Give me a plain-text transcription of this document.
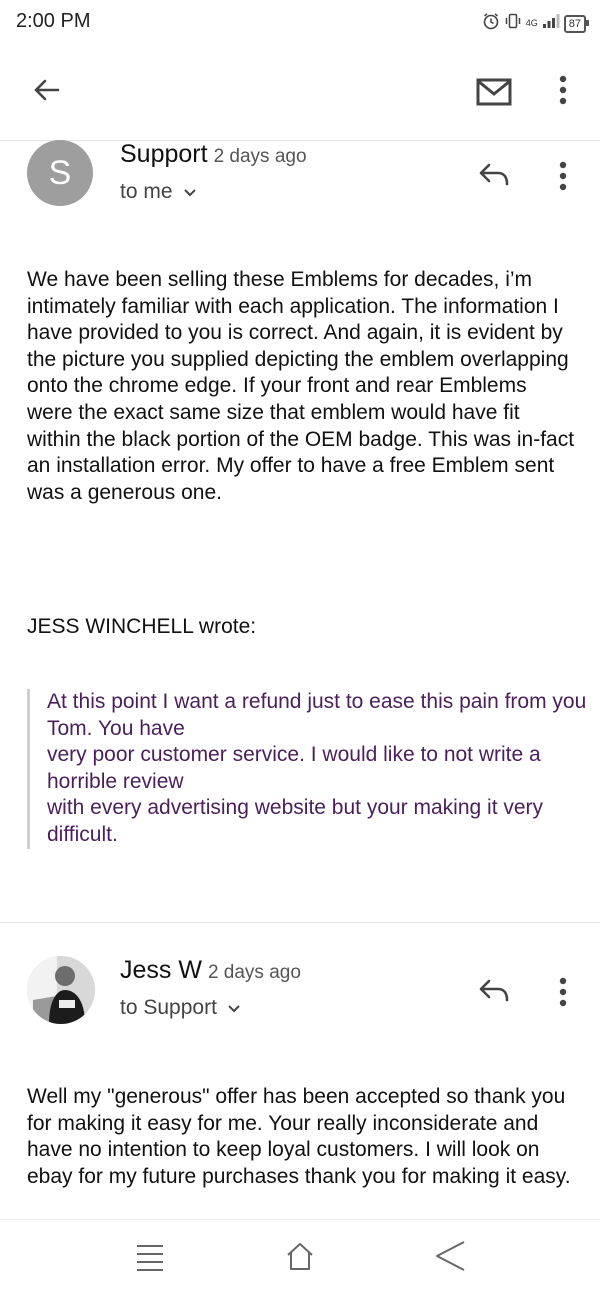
2:00 PM	4G	87
S Support 2 days ago
to me
We have been selling these Emblems for decades, i’m intimately familiar with each application. The information I have provided to you is correct. And again, it is evident by the picture you supplied depicting the emblem overlapping onto the chrome edge. If your front and rear Emblems were the exact same size that emblem would have fit within the black portion of the OEM badge. This was in-fact an installation error. My offer to have a free Emblem sent was a generous one.
JESS WINCHELL wrote:

At this point I want a refund just to ease this pain from you Tom. You have

very poor customer service. I would like to not write a horrible review

with every advertising website but your making it very difficult.

Jess W 2 days ago
to Support
Well my "generous" offer has been accepted so thank you for making it easy for me. Your really inconsiderate and have no intention to keep loyal customers. I will look on ebay for my future purchases thank you for making it easy.
